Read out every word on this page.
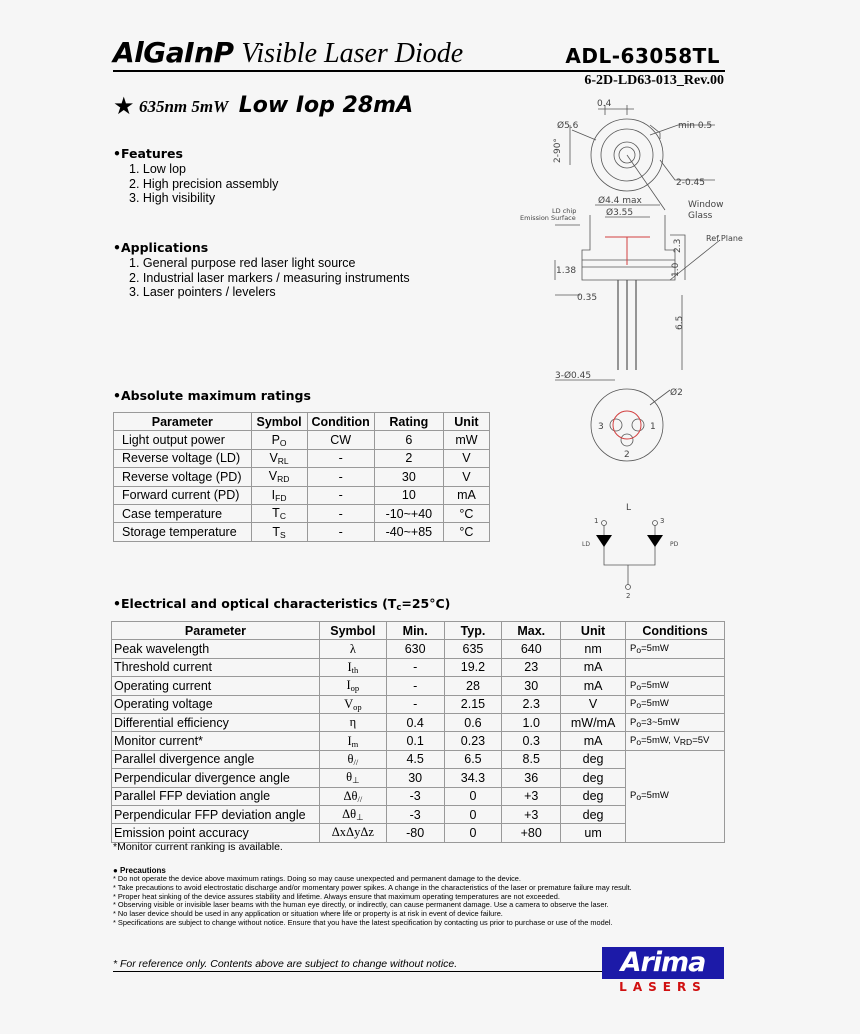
AlGaInP Visible Laser Diode	ADL-63058TL
6-2D-LD63-013_Rev.00
★ 635nm 5mW Low Iop 28mA
•Features
1. Low lop
2. High precision assembly
3. High visibility
•Applications
1. General purpose red laser light source
2. Industrial laser markers / measuring instruments
3. Laser pointers / levelers
•Absolute maximum ratings
Parameter	Symbol	Condition	Rating	Unit
Light output power	$P_O$	CW	6	mW
Reverse voltage (LD)	$V_{RL}$	-	2	V
Reverse voltage (PD)	$V_{RD}$	-	30	V
Forward current (PD)	$I_{FD}$	-	10	mA
Case temperature	$T_C$	-	-10~+40	°C
Storage temperature	$T_S$	-	-40~+85	°C
•Electrical and optical characteristics $(T_c=25^\circ C)$
Parameter	Symbol	Min.	Typ.	Max.	Unit	Conditions
Peak wavelength	λ	630	635	640	nm	$P_o=5mW$
Threshold current	$I_{th}$	-	19.2	23	mA	
Operating current	$I_{op}$	-	28	30	mA	$P_o=5mW$
Operating voltage	$V_{op}$	-	2.15	2.3	V	$P_o=5mW$
Differential efficiency	η	0.4	0.6	1.0	mW/mA	$P_o=3\sim 5mW$
Monitor current*	$I_m$	0.1	0.23	0.3	mA	$P_o=5mW$, $V_{RD}=5V$
Parallel divergence angle	$\theta_{//}$	4.5	6.5	8.5	deg	$P_o=5mW$
Perpendicular divergence angle	$\theta_\perp$	30	34.3	36	deg	
Parallel FFP deviation angle	$\Delta\theta_{//}$	-3	0	+3	deg	
Perpendicular FFP deviation angle	$\Delta\theta_\perp$	-3	0	+3	deg	
Emission point accuracy	ΔxΔyΔz	-80	0	+80	um	
*Monitor current ranking is available.
● Precautions
* Do not operate the device above maximum ratings. Doing so may cause unexpected and permanent damage to the device.
* Take precautions to avoid electrostatic discharge and/or momentary power spikes. A change in the characteristics of the laser or premature failure may result.
* Proper heat sinking of the device assures stability and lifetime. Always ensure that maximum operating temperatures are not exceeded.
* Observing visible or invisible laser beams with the human eye directly, or indirectly, can cause permanent damage. Use a camera to observe the laser.
* No laser device should be used in any application or situation where life or property is at risk in event of device failure.
* Specifications are subject to change without notice. Ensure that you have the latest specification by contacting us prior to purchase or use of the model.
* For reference only. Contents above are subject to change without notice.	Arima
LASERS
0.4
Ø5.6	min 0.5
2-90°
2-0.45
Ø4.4 max
Ø3.55
Window
Glass
1.0
2.3
Ref.Plane
1.38
0.35
6.5
3-Ø0.45
Ø2
3	1
2
L
1	3
2
LD	PD
LD chip
Emission Surface
